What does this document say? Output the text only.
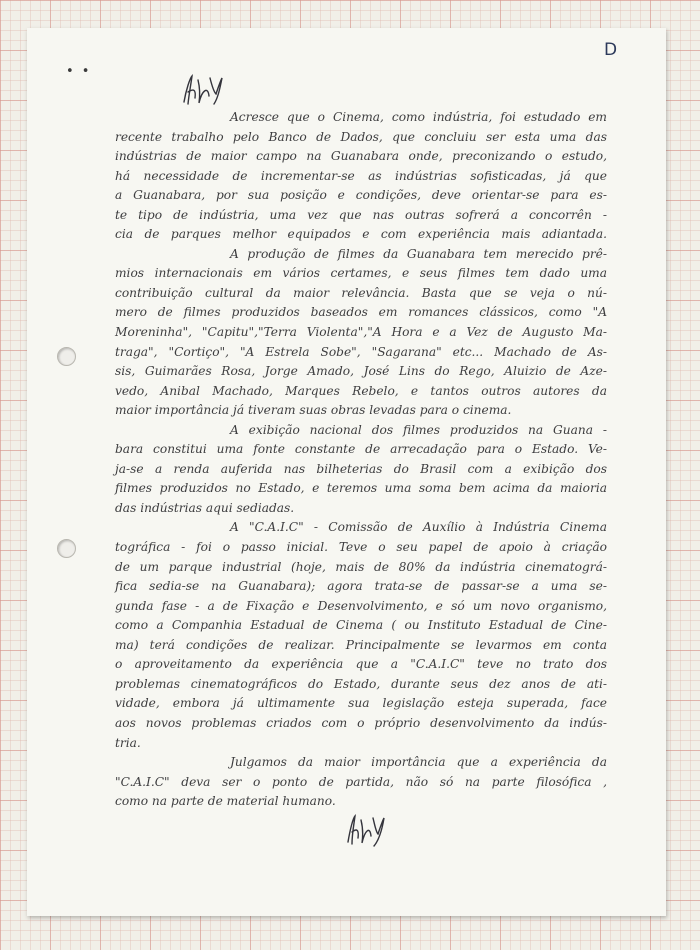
D
• •
Acresce que o Cinema, como indústria, foi estudado em
recente trabalho pelo Banco de Dados, que concluiu ser esta uma das
indústrias de maior campo na Guanabara onde, preconizando o estudo,
há necessidade de incrementar-se as indústrias sofisticadas, já que
a Guanabara, por sua posição e condições, deve orientar-se para es-
te tipo de indústria, uma vez que nas outras sofrerá a concorrên -
cia de parques melhor equipados e com experiência mais adiantada.
A produção de filmes da Guanabara tem merecido prê-
mios internacionais em vários certames, e seus filmes tem dado uma
contribuição cultural da maior relevância. Basta que se veja o nú-
mero de filmes produzidos baseados em romances clássicos, como "A
Moreninha", "Capitu","Terra Violenta","A Hora e a Vez de Augusto Ma-
traga", "Cortiço", "A Estrela Sobe", "Sagarana" etc... Machado de As-
sis, Guimarães Rosa, Jorge Amado, José Lins do Rego, Aluizio de Aze-
vedo, Anibal Machado, Marques Rebelo, e tantos outros autores da
maior importância já tiveram suas obras levadas para o cinema.
A exibição nacional dos filmes produzidos na Guana -
bara constitui uma fonte constante de arrecadação para o Estado. Ve-
ja-se a renda auferida nas bilheterias do Brasil com a exibição dos
filmes produzidos no Estado, e teremos uma soma bem acima da maioria
das indústrias aqui sediadas.
A "C.A.I.C" - Comissão de Auxílio à Indústria Cinema
tográfica - foi o passo inicial. Teve o seu papel de apoio à criação
de um parque industrial (hoje, mais de 80% da indústria cinematográ-
fica sedia-se na Guanabara); agora trata-se de passar-se a uma se-
gunda fase - a de Fixação e Desenvolvimento, e só um novo organismo,
como a Companhia Estadual de Cinema ( ou Instituto Estadual de Cine-
ma) terá condições de realizar. Principalmente se levarmos em conta
o aproveitamento da experiência que a "C.A.I.C" teve no trato dos
problemas cinematográficos do Estado, durante seus dez anos de ati-
vidade, embora já ultimamente sua legislação esteja superada, face
aos novos problemas criados com o próprio desenvolvimento da indús-
tria.
Julgamos da maior importância que a experiência da
"C.A.I.C" deva ser o ponto de partida, não só na parte filosófica ,
como na parte de material humano.
